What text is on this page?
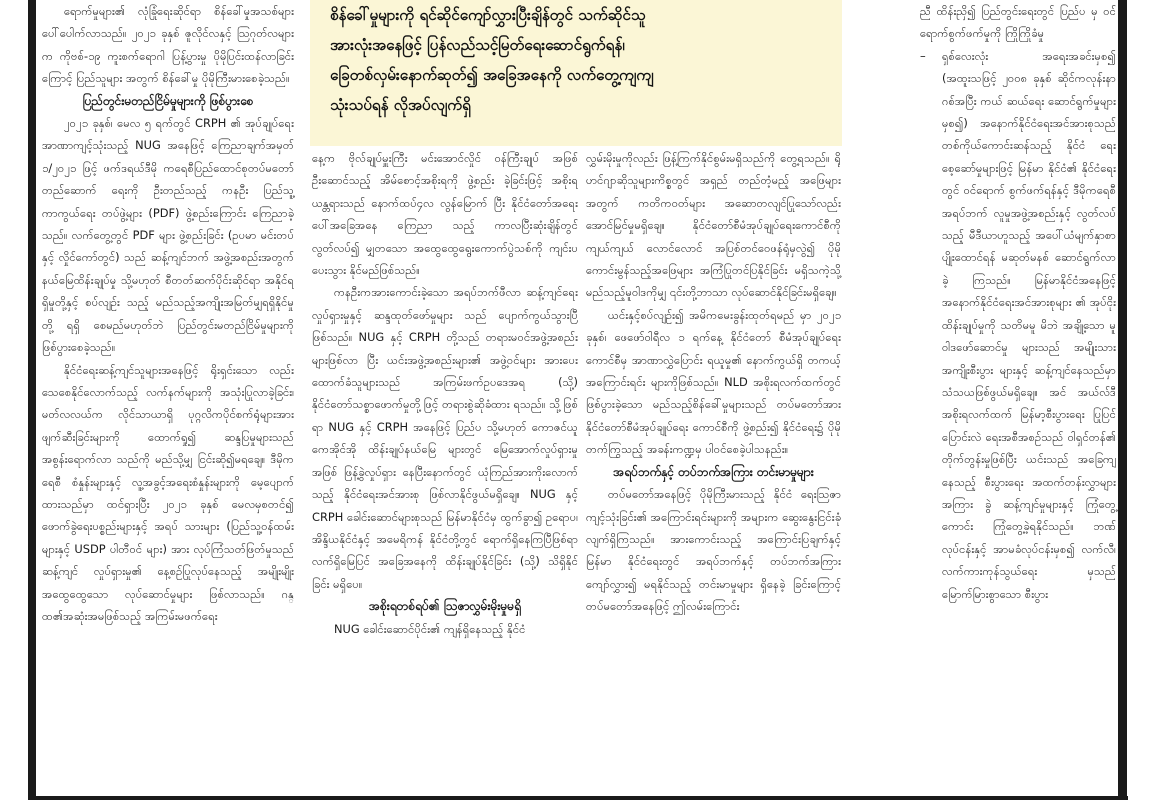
ရောက်မှုများ၏ လုံခြုံရေးဆိုင်ရာ စိန်ခေါ်မှုအသစ်များ ပေါ်ပေါက်လာသည်။ ၂၀၂၁ ခုနှစ် ဇူလိုင်လနှင့် ဩဂုတ်လများက ကိုဗစ်-၁၉ ကူးစက်ရောဂါ ပြန့်ပွားမှု ပိုမိုပြင်းထန်လာခြင်းကြောင့် ပြည်သူများ အတွက် စိန်ခေါ်မှု ပိုမိုကြီးမားစေခဲ့သည်။

ပြည်တွင်းမတည်ငြိမ်မှုများကို ဖြစ်ပွားစေ

၂၀၂၁ ခုနှစ်၊ မေလ ၅ ရက်တွင် CRPH ၏ အုပ်ချုပ်ရေး အာဏာကျင့်သုံးသည့် NUG အနေဖြင့် ကြေညာချက်အမှတ် ၁/၂၀၂၁ ဖြင့် ဖက်ဒရယ်ဒီမို ကရေစီပြည်ထောင်စုတပ်မတော် တည်ဆောက် ရေးကို ဦးတည်သည့် ကနဦး ပြည်သူ့ကာကွယ်ရေး တပ်ဖွဲ့များ (PDF) ဖွဲ့စည်းကြောင်း ကြေညာခဲ့သည်။ လက်တွေ့တွင် PDF များ ဖွဲ့စည်းခြင်း (ဥပမာ မင်းတပ်နှင့် လှိုင်ကော်တွင်) သည် ဆန့်ကျင်ဘက် အဖွဲ့အစည်းအတွက် နယ်မြေထိန်းချုပ်မှု သို့မဟုတ် စီတတ်ဆက်ပိုင်းဆိုင်ရာ အနိုင်ရရှိမှုတို့နှင့် စပ်လျဉ်း သည့် မည်သည့်အကျိုးအမြတ်မျှရရှိနိုင်မှုတို့ ရရှိ စေမည်မဟုတ်ဘဲ ပြည်တွင်းမတည်ငြိမ်မှုများကို ဖြစ်ပွားစေခဲ့သည်။

နိုင်ငံရေးဆန့်ကျင်သူများအနေဖြင့် ရိုးရှင်းသော လည်း သေစေနိုင်လောက်သည့် လက်နက်များကို အသုံးပြုလာခဲ့ခြင်း၊ မတ်လလယ်က လိုင်သာယာရှိ ပုဂ္ဂလိကပိုင်စက်ရုံများအား ဖျက်ဆီးခြင်းများကို ထောက်ရှု၍ ဆန္ဒပြမှုများသည် အစွန်းရောက်လာ သည်ကို မည်သို့မျှ ငြင်းဆို၍မရချေ။ ဒီမိုကရေစီ စံနှုန်းများနှင့် လူ့အခွင့်အရေးစံနှုန်းများကို မေ့ပျောက်ထားသည်မှာ ထင်ရှားပြီး ၂၀၂၁ ခုနှစ် မေလမှစတင်၍ ဖောက်ခွဲရေးပစ္စည်းများနှင့် အရပ် သားများ (ပြည်သူ့ဝန်ထမ်းများနှင့် USDP ပါတီဝင် များ) အား လုပ်ကြံသတ်ဖြတ်မှုသည် ဆန့်ကျင် လှုပ်ရှားမှု၏ နေ့စဉ်ပြုလုပ်နေသည့် အမျိုးမျိုး အထွေထွေသော လုပ်ဆောင်မှုများ ဖြစ်လာသည်။ ဂန္ထ၏အဆုံးအမဖြစ်သည့် အကြမ်းမဖက်ရေး

စိန်ခေါ်မှုများကို ရင်ဆိုင်ကျော်လွှားပြီးချိန်တွင် သက်ဆိုင်သူ

အားလုံးအနေဖြင့် ပြန်လည်သင့်မြတ်ရေးဆောင်ရွက်ရန်၊

ခြေတစ်လှမ်းနောက်ဆုတ်၍ အခြေအနေကို လက်တွေ့ကျကျ

သုံးသပ်ရန် လိုအပ်လျက်ရှိ

နေ့က ဗိုလ်ချုပ်မှူးကြီး မင်းအောင်လှိုင် ဝန်ကြီးချုပ် အဖြစ် ဦးဆောင်သည့် အိမ်စောင့်အစိုးရကို ဖွဲ့စည်း ခဲ့ခြင်းဖြင့် အစိုးရယန္တရားသည် နောက်ထပ်၄လ လွန်မြောက် ပြီး နိုင်ငံတော်အရေးပေါ်အခြေအနေ ကြေညာ သည့် ကာလပြီးဆုံးချိန်တွင် လွတ်လပ်၍ မျှတသော အထွေထွေရွေးကောက်ပွဲသစ်ကို ကျင်းပပေးသွား နိုင်မည်ဖြစ်သည်။

ကနဦးကအားကောင်းခဲ့သော အရပ်ဘက်ဖီလာ ဆန့်ကျင်ရေးလှုပ်ရှားမှုနှင့် ဆန္ဒထုတ်ဖော်မှုများ သည် ပျောက်ကွယ်သွားပြီဖြစ်သည်။ NUG နှင့် CRPH တို့သည် တရားမဝင်အဖွဲ့အစည်းများဖြစ်လာ ပြီး ယင်းအဖွဲ့အစည်းများ၏ အဖွဲ့ဝင်များ အားပေး ထောက်ခံသူများသည် အကြမ်းဖက်ဥပဒေအရ (သို့) နိုင်ငံတော်သစ္စာဖောက်မှုတို့ဖြင့် တရားစွဲဆိုခံထား ရသည်။ သို့ဖြစ်ရာ NUG နှင့် CRPH အနေဖြင့် ပြည်ပ သို့မဟုတ် ကောဇင်ယူကေအိုင်အို ထိန်းချုပ်နယ်မြေ များတွင် မြေအောက်လှုပ်ရှားမှုအဖြစ် ဖြန့်ခွဲလှုပ်ရှား နေပြီးနောက်တွင် ယုံကြည်အားကိုးလောက်သည့် နိုင်ငံရေးအင်အားစု ဖြစ်လာနိုင်ဖွယ်မရှိချေ။ NUG နှင့် CRPH ခေါင်းဆောင်များစုသည် မြန်မာနိုင်ငံမှ ထွက်ခွာ၍ ဥရောပ၊ အိန္ဒိယနိုင်ငံနှင့် အမေရိကန် နိုင်ငံတို့တွင် ရောက်ရှိနေကြပြီဖြစ်ရာ လက်ရှိမြေပြင် အခြေအနေကို ထိန်းချုပ်နိုင်ခြင်း (သို့) သိရှိနိုင် ခြင်း မရှိပေ။

အစိုးရတစ်ရပ်၏ သြဇာလွှမ်းမိုးမှုမရှိ

NUG ခေါင်းဆောင်ပိုင်း၏ ကျန်ရှိနေသည့် နိုင်ငံ

လွှမ်းမိုးမှုကိုလည်း ဖြန့်ကြက်နိုင်စွမ်းမရှိသည်ကို တွေ့ရသည်။ ရိုဟင်ဂျာဆိုသူများကိစ္စတွင် အရှည် တည်တံ့မည့် အဖြေများအတွက် ကတိကဝတ်များ အဆောတလျင်ပြုသော်လည်း အောင်မြင်မှုမရှိချေ။ နိုင်ငံတော်စီမံအုပ်ချုပ်ရေးကောင်စီကို ကျယ်ကျယ် လောင်လောင် အပြစ်တင်ဝေဖန်ရုံမှလွဲ၍ ပိုမို ကောင်းမွန်သည့်အဖြေများ အကြံပြုတင်ပြနိုင်ခြင်း မရှိသကဲ့သို့ မည်သည့်မူဝါဒကိုမျှ ၎င်းတို့ဘာသာ လုပ်ဆောင်နိုင်ခြင်းမရှိချေ။

ယင်းနှင့်စပ်လျဉ်း၍ အမိကမေးခွန်းထုတ်ရမည် မှာ ၂၀၂၁ ခုနှစ်၊ ဖေဖော်ဝါရီလ ၁ ရက်နေ့ နိုင်ငံတော် စီမံအုပ်ချုပ်ရေးကောင်စီမှ အာဏာလွှဲပြောင်း ရယူမှု၏ နောက်ကွယ်ရှိ တကယ့်အကြောင်းရင်း များကိုဖြစ်သည်။ NLD အစိုးရလက်ထက်တွင် ဖြစ်ပွားခဲ့သော မည်သည့်စိန်ခေါ်မှုများသည် တပ်မတော်အား နိုင်ငံတော်စီမံအုပ်ချုပ်ရေး ကောင်စီကို ဖွဲ့စည်း၍ နိုင်ငံရေး၌ ပိုမိုတက်ကြွသည့် အခန်းကဏ္ဍမှ ပါဝင်စေခဲ့ပါသနည်း။

အရပ်ဘက်နှင့် တပ်ဘက်အကြား တင်းမာမှုများ

တပ်မတော်အနေဖြင့် ပိုမိုကြီးမားသည့် နိုင်ငံ ရေးသြဇာကျင့်သုံးခြင်း၏ အကြောင်းရင်းများကို အများက ဆွေးနွေးငြင်းခုံလျက်ရှိကြသည်။ အားကောင်းသည့် အကြောင်းပြချက်နှင့် မြန်မာ နိုင်ငံရေးတွင် အရပ်ဘက်နှင့် တပ်ဘက်အကြား ကျော်လွှား၍ မရနိုင်သည့် တင်းမာမှုများ ရှိနေခဲ့ ခြင်းကြောင့် တပ်မတော်အနေဖြင့် ဤလမ်းကြောင်း

ညီ ထိန်းညှိ၍ ပြည်တွင်းရေးတွင် ပြည်ပ မှ ဝင်ရောက်စွက်ဖက်မှုကို ကြိုကြိုခံမှု

–	ရှစ်လေးလုံး အရေးအခင်းမှစ၍ (အထူးသဖြင့် ၂၀၀၈ ခုနှစ် ဆိုင်ကလုန်းနာဂစ်အပြီး ကယ် ဆယ်ရေး ဆောင်ရွက်မှုများမှစ၍) အနောက်နိုင်ငံရေးအင်အားစုသည် တစ်ကိုယ်ကောင်းဆန်သည့် နိုင်ငံ ရေး စေ့ဆော်မှုများဖြင့် မြန်မာ နိုင်ငံ၏ နိုင်ငံရေးတွင် ဝင်ရောက် စွက်ဖက်ရန်နှင့် ဒီမိုကရေစီ အရပ်ဘက် လူမှုအဖွဲ့အစည်းနှင့် လွတ်လပ်သည့် မီဒီယာဟူသည့် အပေါ်ယံမျက်နှာစာ ပျိုးထောင်ရန် မဆုတ်မနစ် ဆောင်ရွက်လာခဲ့ ကြသည်။ မြန်မာနိုင်ငံအနေဖြင့် အနောက်နိုင်ငံရေးအင်အားစုများ ၏ အုပ်ငိုးထိန်းချုပ်မှုကို သတိမမူ မိဘဲ အချို့သော မူဝါဒဖော်ဆောင်မှု များသည် အမျိုးသားအကျိုးစီးပွား များနှင့် ဆန့်ကျင်နေသည်မှာ သံသယဖြစ်ဖွယ်မရှိချေ။ အင် အယ်လ်ဒီ အစိုးရလက်ထက် မြန်မာ့စီးပွားရေး ပြုပြင်ပြောင်းလဲ ရေးအစီအစဉ်သည် ဝါရှင်တန်၏ တိုက်တွန်းမှုဖြစ်ပြီး ယင်းသည် အခြေကျနေသည့် စီးပွားရေး အထက်တန်းလွှာများအကြား ခွဲ ဆန့်ကျင်မှုများနှင့် ကြုံတွေ့ကောင်း ကြုံတွေ့ခဲ့ရနိုင်သည်။ ဘဏ် လုပ်ငန်းနှင့် အာမခံလုပ်ငန်းမှစ၍ လက်လီ၊ လက်ကားကုန်သွယ်ရေး မှသည် မြောက်မြားစွာသော စီးပွား
